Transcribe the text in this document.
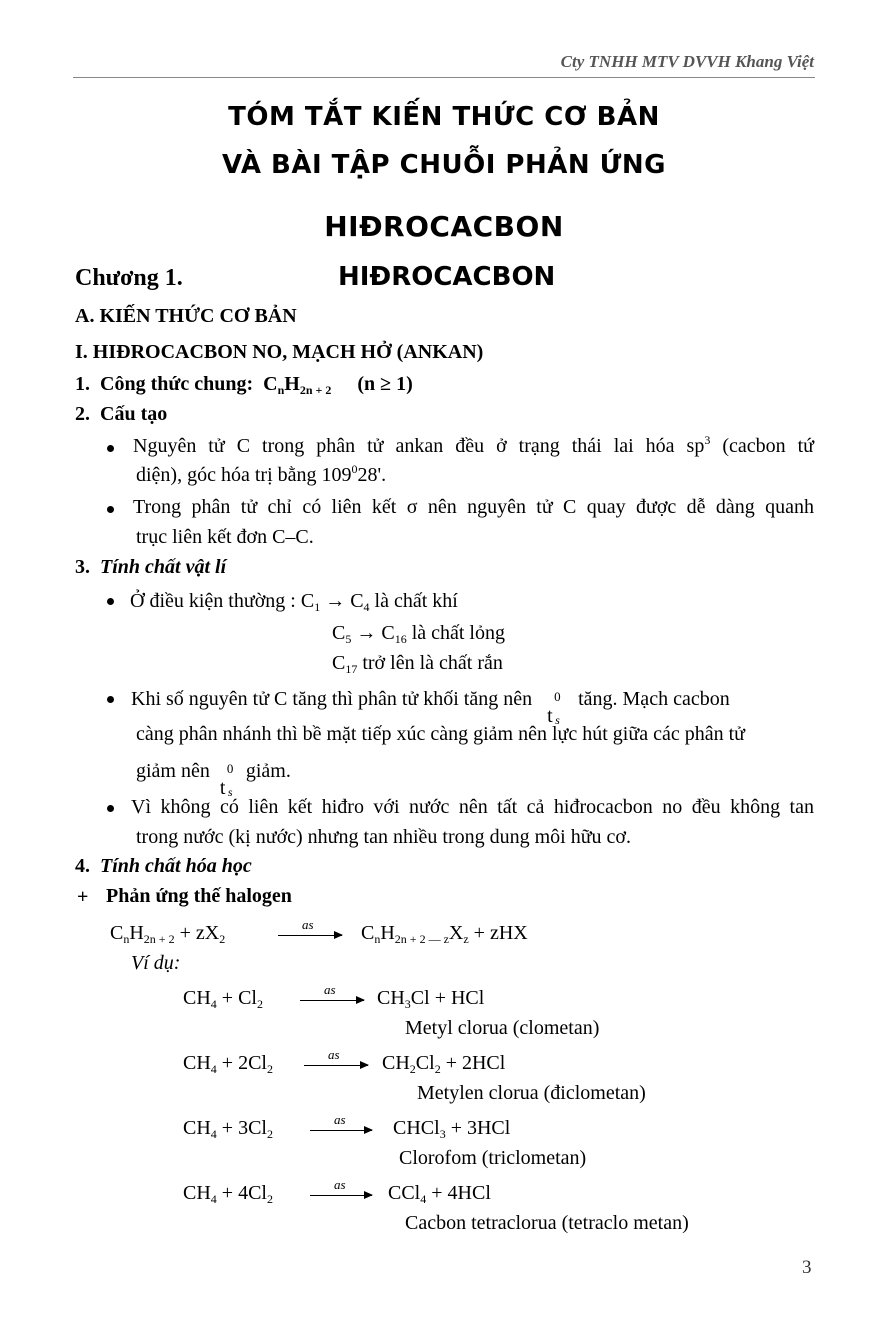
Cty TNHH MTV DVVH Khang Việt
TÓM TẮT KIẾN THỨC CƠ BẢN
VÀ BÀI TẬP CHUỖI PHẢN ỨNG
HIĐROCACBON
Chương 1.	HIĐROCACBON
A. KIẾN THỨC CƠ BẢN
I. HIĐROCACBON NO, MẠCH HỞ (ANKAN)
1. Công thức chung: $C_nH_{2n + 2}$ (n ≥ 1)
2. Cấu tạo
Nguyên tử C trong phân tử ankan đều ở trạng thái lai hóa $sp^3$ (cacbon tứ
diện), góc hóa trị bằng $109^028'$.
Trong phân tử chỉ có liên kết σ nên nguyên tử C quay được dễ dàng quanh
trục liên kết đơn C–C.
3. Tính chất vật lí
Ở điều kiện thường : $C_1 \to C_4$ là chất khí
$C_5 \to C_{16}$ là chất lỏng
$C_{17}$ trở lên là chất rắn
Khi số nguyên tử C tăng thì phân tử khối tăng nên
t
0
s
tăng. Mạch cacbon
càng phân nhánh thì bề mặt tiếp xúc càng giảm nên lực hút giữa các phân tử
giảm nên
t
0
s
giảm.
Vì không có liên kết hiđro với nước nên tất cả hiđrocacbon no đều không tan
trong nước (kị nước) nhưng tan nhiều trong dung môi hữu cơ.
4. Tính chất hóa học
+ Phản ứng thế halogen
$C_nH_{2n + 2} + zX_2$
as → $C_nH_{2n + 2 — z}X_z$ + zHX
Ví dụ:
$CH_4 + Cl_2$
as → $CH_3Cl$ + HCl
Metyl clorua (clometan)
$CH_4 + 2Cl_2$
as → $CH_2Cl_2 + 2HCl$
Metylen clorua (điclometan)
$CH_4 + 3Cl_2$
as → CHCl$_3$ + 3HCl
Clorofom (triclometan)
$CH_4 + 4Cl_2$
as → CCl$_4$ + 4HCl
Cacbon tetraclorua (tetraclo metan)
3
